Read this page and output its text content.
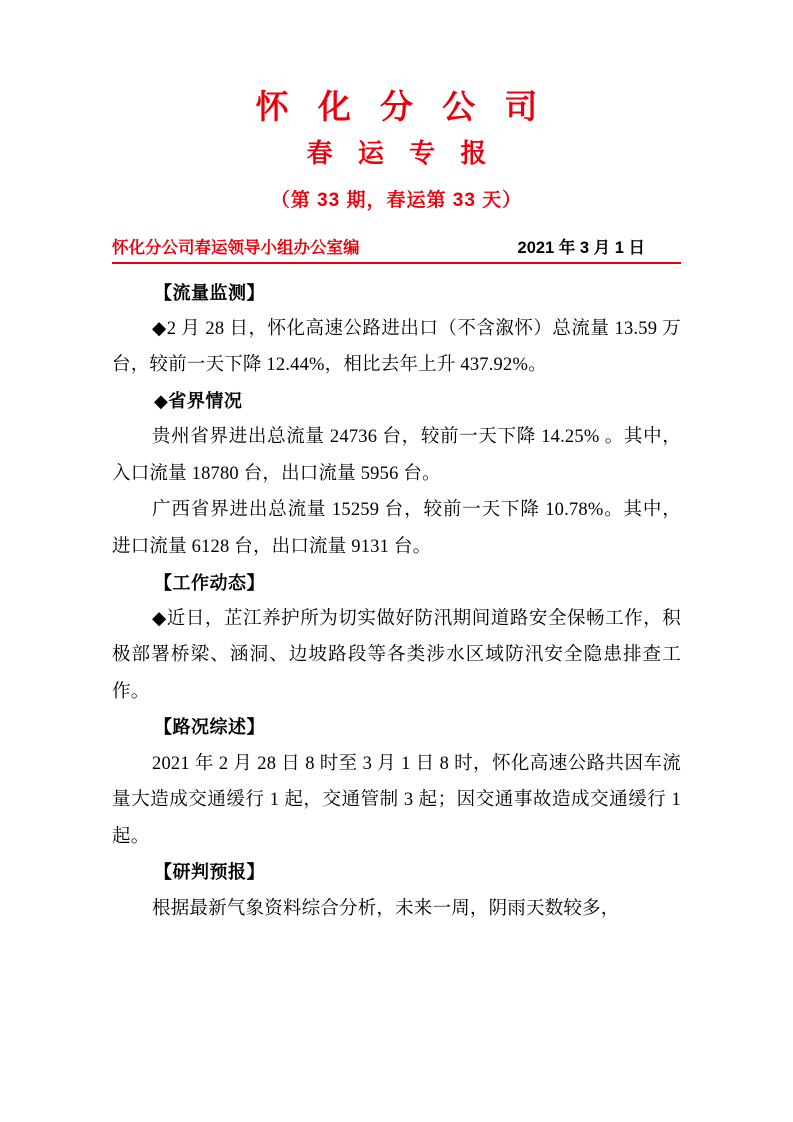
怀 化 分 公 司
春 运 专 报
（第 33 期，春运第 33 天）
怀化分公司春运领导小组办公室编	2021 年 3 月 1 日

【流量监测】

◆2 月 28 日，怀化高速公路进出口（不含溆怀）总流量 13.59 万台，较前一天下降 12.44%，相比去年上升 437.92%。

◆省界情况

贵州省界进出总流量 24736 台，较前一天下降 14.25% 。其中，入口流量 18780 台，出口流量 5956 台。

广西省界进出总流量 15259 台，较前一天下降 10.78%。其中，进口流量 6128 台，出口流量 9131 台。

【工作动态】

◆近日，芷江养护所为切实做好防汛期间道路安全保畅工作，积极部署桥梁、涵洞、边坡路段等各类涉水区域防汛安全隐患排查工作。

【路况综述】

2021 年 2 月 28 日 8 时至 3 月 1 日 8 时，怀化高速公路共因车流量大造成交通缓行 1 起，交通管制 3 起；因交通事故造成交通缓行 1 起。

【研判预报】

根据最新气象资料综合分析，未来一周，阴雨天数较多，
